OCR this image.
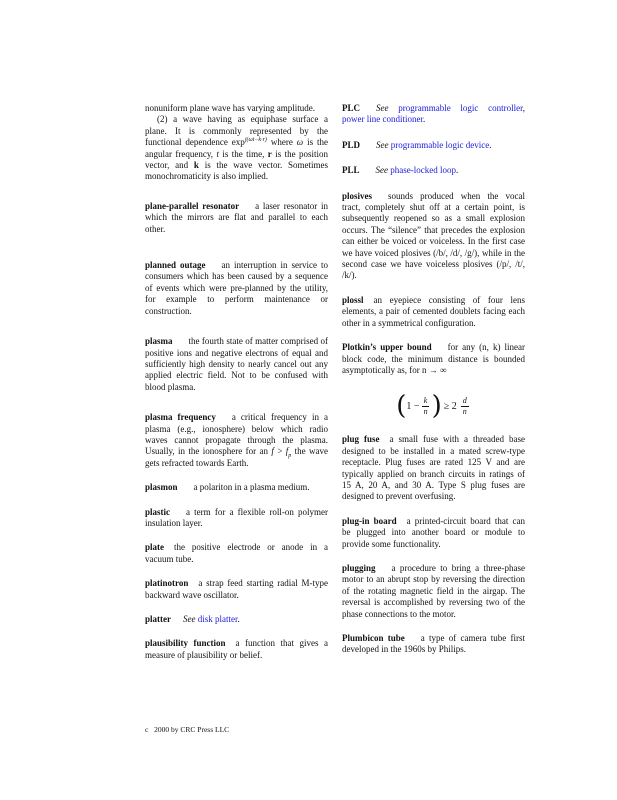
nonuniform plane wave has varying amplitude.

(2) a wave having as equiphase surface a plane. It is commonly represented by the functional dependence $\exp^{j(\omega t-k\cdot r)}$ where ω is the angular frequency, t is the time, r is the position vector, and k is the wave vector. Sometimes monochromaticity is also implied.

plane-parallel resonator a laser resonator in which the mirrors are flat and parallel to each other.

planned outage an interruption in service to consumers which has been caused by a sequence of events which were pre-planned by the utility, for example to perform maintenance or construction.

plasma the fourth state of matter comprised of positive ions and negative electrons of equal and sufficiently high density to nearly cancel out any applied electric field. Not to be confused with blood plasma.

plasma frequency a critical frequency in a plasma (e.g., ionosphere) below which radio waves cannot propagate through the plasma. Usually, in the ionosphere for an $f > f_p$ the wave gets refracted towards Earth.

plasmon a polariton in a plasma medium.

plastic a term for a flexible roll-on polymer insulation layer.

plate the positive electrode or anode in a vacuum tube.

platinotron a strap feed starting radial M-type backward wave oscillator.

platter See disk platter.

plausibility function a function that gives a measure of plausibility or belief.

PLC See programmable logic controller, power line conditioner.

PLD See programmable logic device.

PLL See phase-locked loop.

plosives sounds produced when the vocal tract, completely shut off at a certain point, is subsequently reopened so as a small explosion occurs. The “silence” that precedes the explosion can either be voiced or voiceless. In the first case we have voiced plosives (/b/, /d/, /g/), while in the second case we have voiceless plosives (/p/, /t/, /k/).

plossl an eyepiece consisting of four lens elements, a pair of cemented doublets facing each other in a symmetrical configuration.

Plotkin’s upper bound for any (n, k) linear block code, the minimum distance is bounded asymptotically as, for n → ∞

( $1 - \frac{k}{n}$ ) ≥ $2 \frac{d}{n}$

plug fuse a small fuse with a threaded base designed to be installed in a mated screw-type receptacle. Plug fuses are rated 125 V and are typically applied on branch circuits in ratings of 15 A, 20 A, and 30 A. Type S plug fuses are designed to prevent overfusing.

plug-in board a printed-circuit board that can be plugged into another board or module to provide some functionality.

plugging a procedure to bring a three-phase motor to an abrupt stop by reversing the direction of the rotating magnetic field in the airgap. The reversal is accomplished by reversing two of the phase connections to the motor.

Plumbicon tube a type of camera tube first developed in the 1960s by Philips.

c⃝2000 by CRC Press LLC
